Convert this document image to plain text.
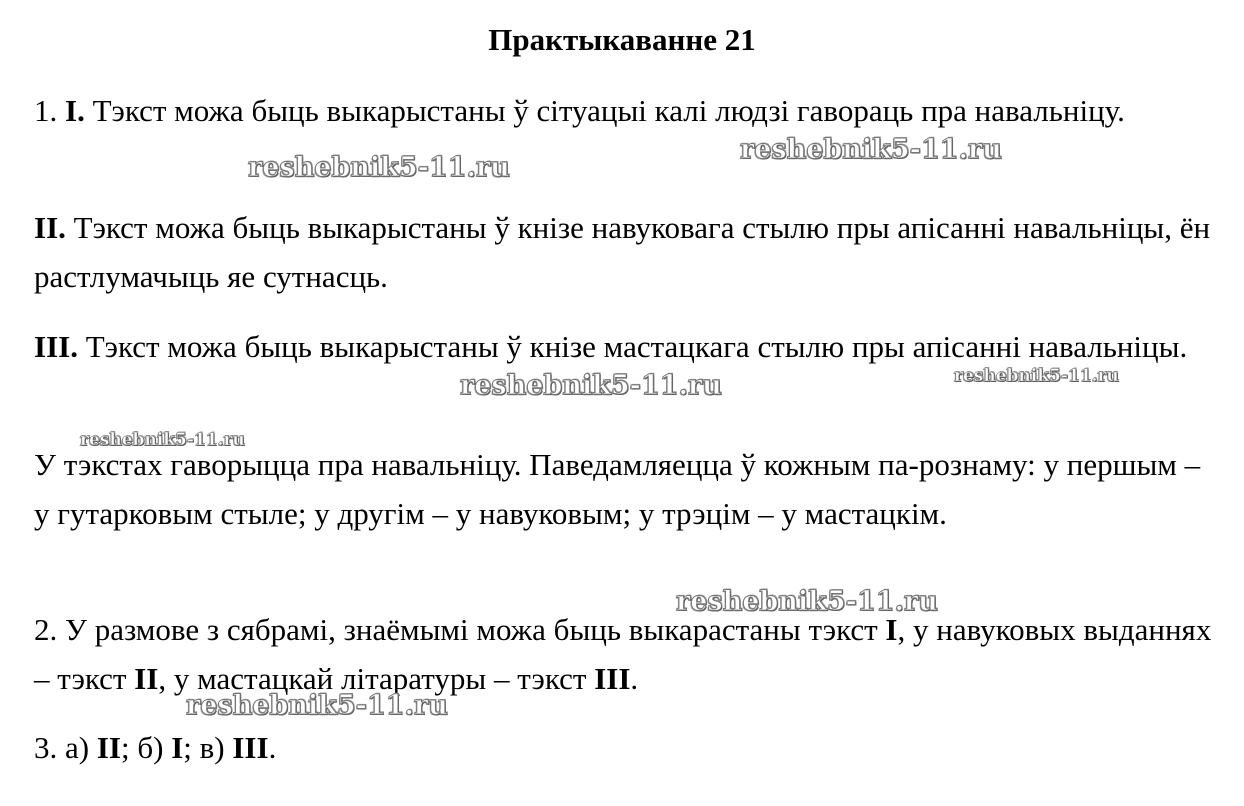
Практыкаванне 21

1. I. Тэкст можа быць выкарыстаны ў сітуацыі калі людзі гавораць пра навальніцу.

II. Тэкст можа быць выкарыстаны ў кнізе навуковага стылю пры апісанні навальніцы, ён растлумачыць яе сутнасць.

III. Тэкст можа быць выкарыстаны ў кнізе мастацкага стылю пры апісанні навальніцы.

У тэкстах гаворыцца пра навальніцу. Паведамляецца ў кожным па-рознаму: у першым – у гутарковым стыле; у другім – у навуковым; у трэцім – у мастацкім.

2. У размове з сябрамі, знаёмымі можа быць выкарастаны тэкст I, у навуковых выданнях – тэкст II, у мастацкай літаратуры – тэкст III.

3. а) II; б) I; в) III.

reshebnik5-11.ru
reshebnik5-11.ru
reshebnik5-11.ru	reshebnik5-11.ru
reshebnik5-11.ru
reshebnik5-11.ru
reshebnik5-11.ru
